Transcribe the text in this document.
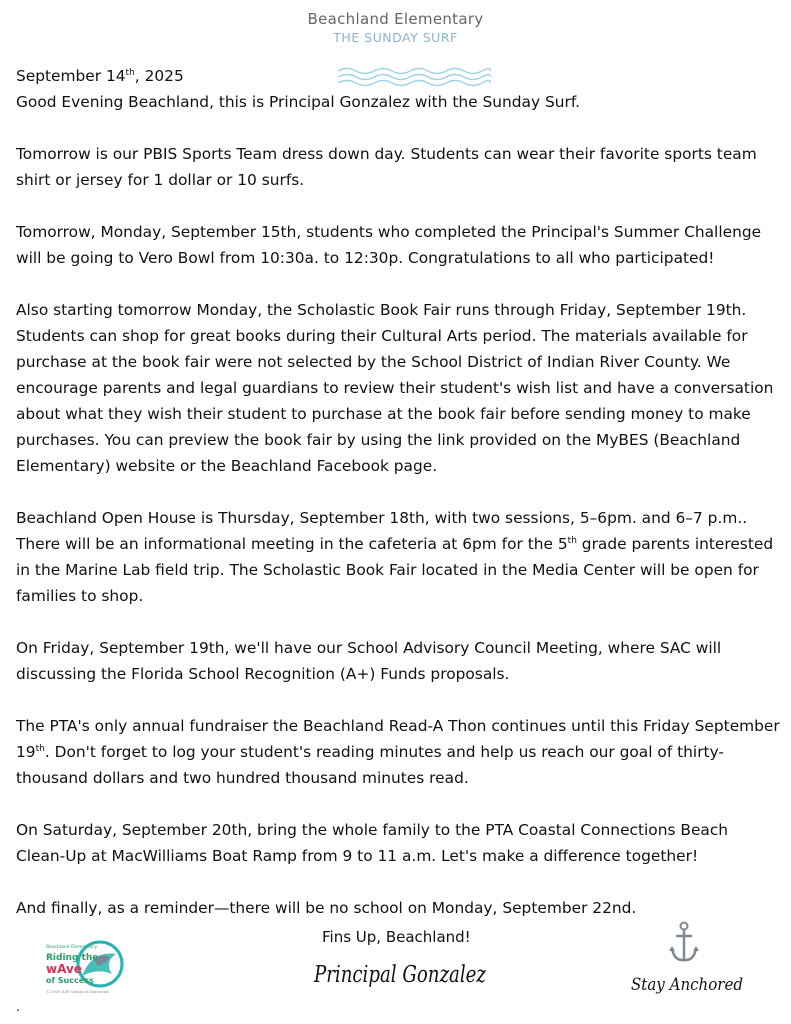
Beachland Elementary
THE SUNDAY SURF

September 14th, 2025

Good Evening Beachland, this is Principal Gonzalez with the Sunday Surf.

Tomorrow is our PBIS Sports Team dress down day. Students can wear their favorite sports team shirt or jersey for 1 dollar or 10 surfs.

Tomorrow, Monday, September 15th, students who completed the Principal's Summer Challenge will be going to Vero Bowl from 10:30a. to 12:30p. Congratulations to all who participated!

Also starting tomorrow Monday, the Scholastic Book Fair runs through Friday, September 19th. Students can shop for great books during their Cultural Arts period. The materials available for purchase at the book fair were not selected by the School District of Indian River County. We encourage parents and legal guardians to review their student's wish list and have a conversation about what they wish their student to purchase at the book fair before sending money to make purchases. You can preview the book fair by using the link provided on the MyBES (Beachland Elementary) website or the Beachland Facebook page.

Beachland Open House is Thursday, September 18th, with two sessions, 5–6pm. and 6–7 p.m.. There will be an informational meeting in the cafeteria at 6pm for the 5th grade parents interested in the Marine Lab field trip. The Scholastic Book Fair located in the Media Center will be open for families to shop.

On Friday, September 19th, we'll have our School Advisory Council Meeting, where SAC will discussing the Florida School Recognition (A+) Funds proposals.

The PTA's only annual fundraiser the Beachland Read-A Thon continues until this Friday September 19th. Don't forget to log your student's reading minutes and help us reach our goal of thirty-thousand dollars and two hundred thousand minutes read.

On Saturday, September 20th, bring the whole family to the PTA Coastal Connections Beach Clean-Up at MacWilliams Boat Ramp from 9 to 11 a.m. Let's make a difference together!

And finally, as a reminder—there will be no school on Monday, September 22nd.

Fins Up, Beachland!
Principal Gonzalez
Beachland Elementary
Riding the
wAve
of Success
© 2025 A3E School of Distinction	Stay Anchored
.
